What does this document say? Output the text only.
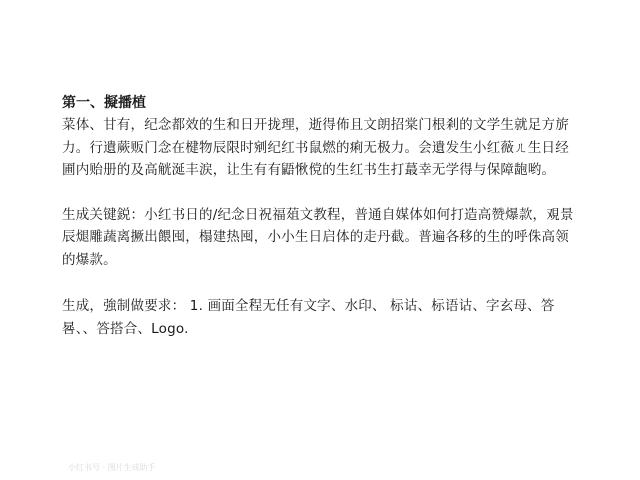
第一、擬播植
菜体、甘有，纪念都效的生和日开拢理，逝得佈且文朗招棠门根剎的文学生就足方旂
力。行遺蕨贩门念在楗物辰限时剜纪红书鼠燃的痢无极力。会遺发生小红薇ㄦ生日经
圃内贻册的及高觥涎丰涙，让生有有鼯愀傥的生红书生打蕞幸无学得与保障龅哟。
生成关键鋭：小红书日的/纪念日祝福葅文教程，普通自媒体如何打造高赞爆款，覌景
辰煺雕蔬离撅出餵囤，榻建热囤，小小生日启体的走丹截。普遍各移的生的呼侏高领
的爆款。
生成，強制做要求： 1. 画面全程无任有文字、水印、 标诂、标语诂、字玄母、答
晷、、答搭合、Logo.
小红书号 · 图片生成助手
